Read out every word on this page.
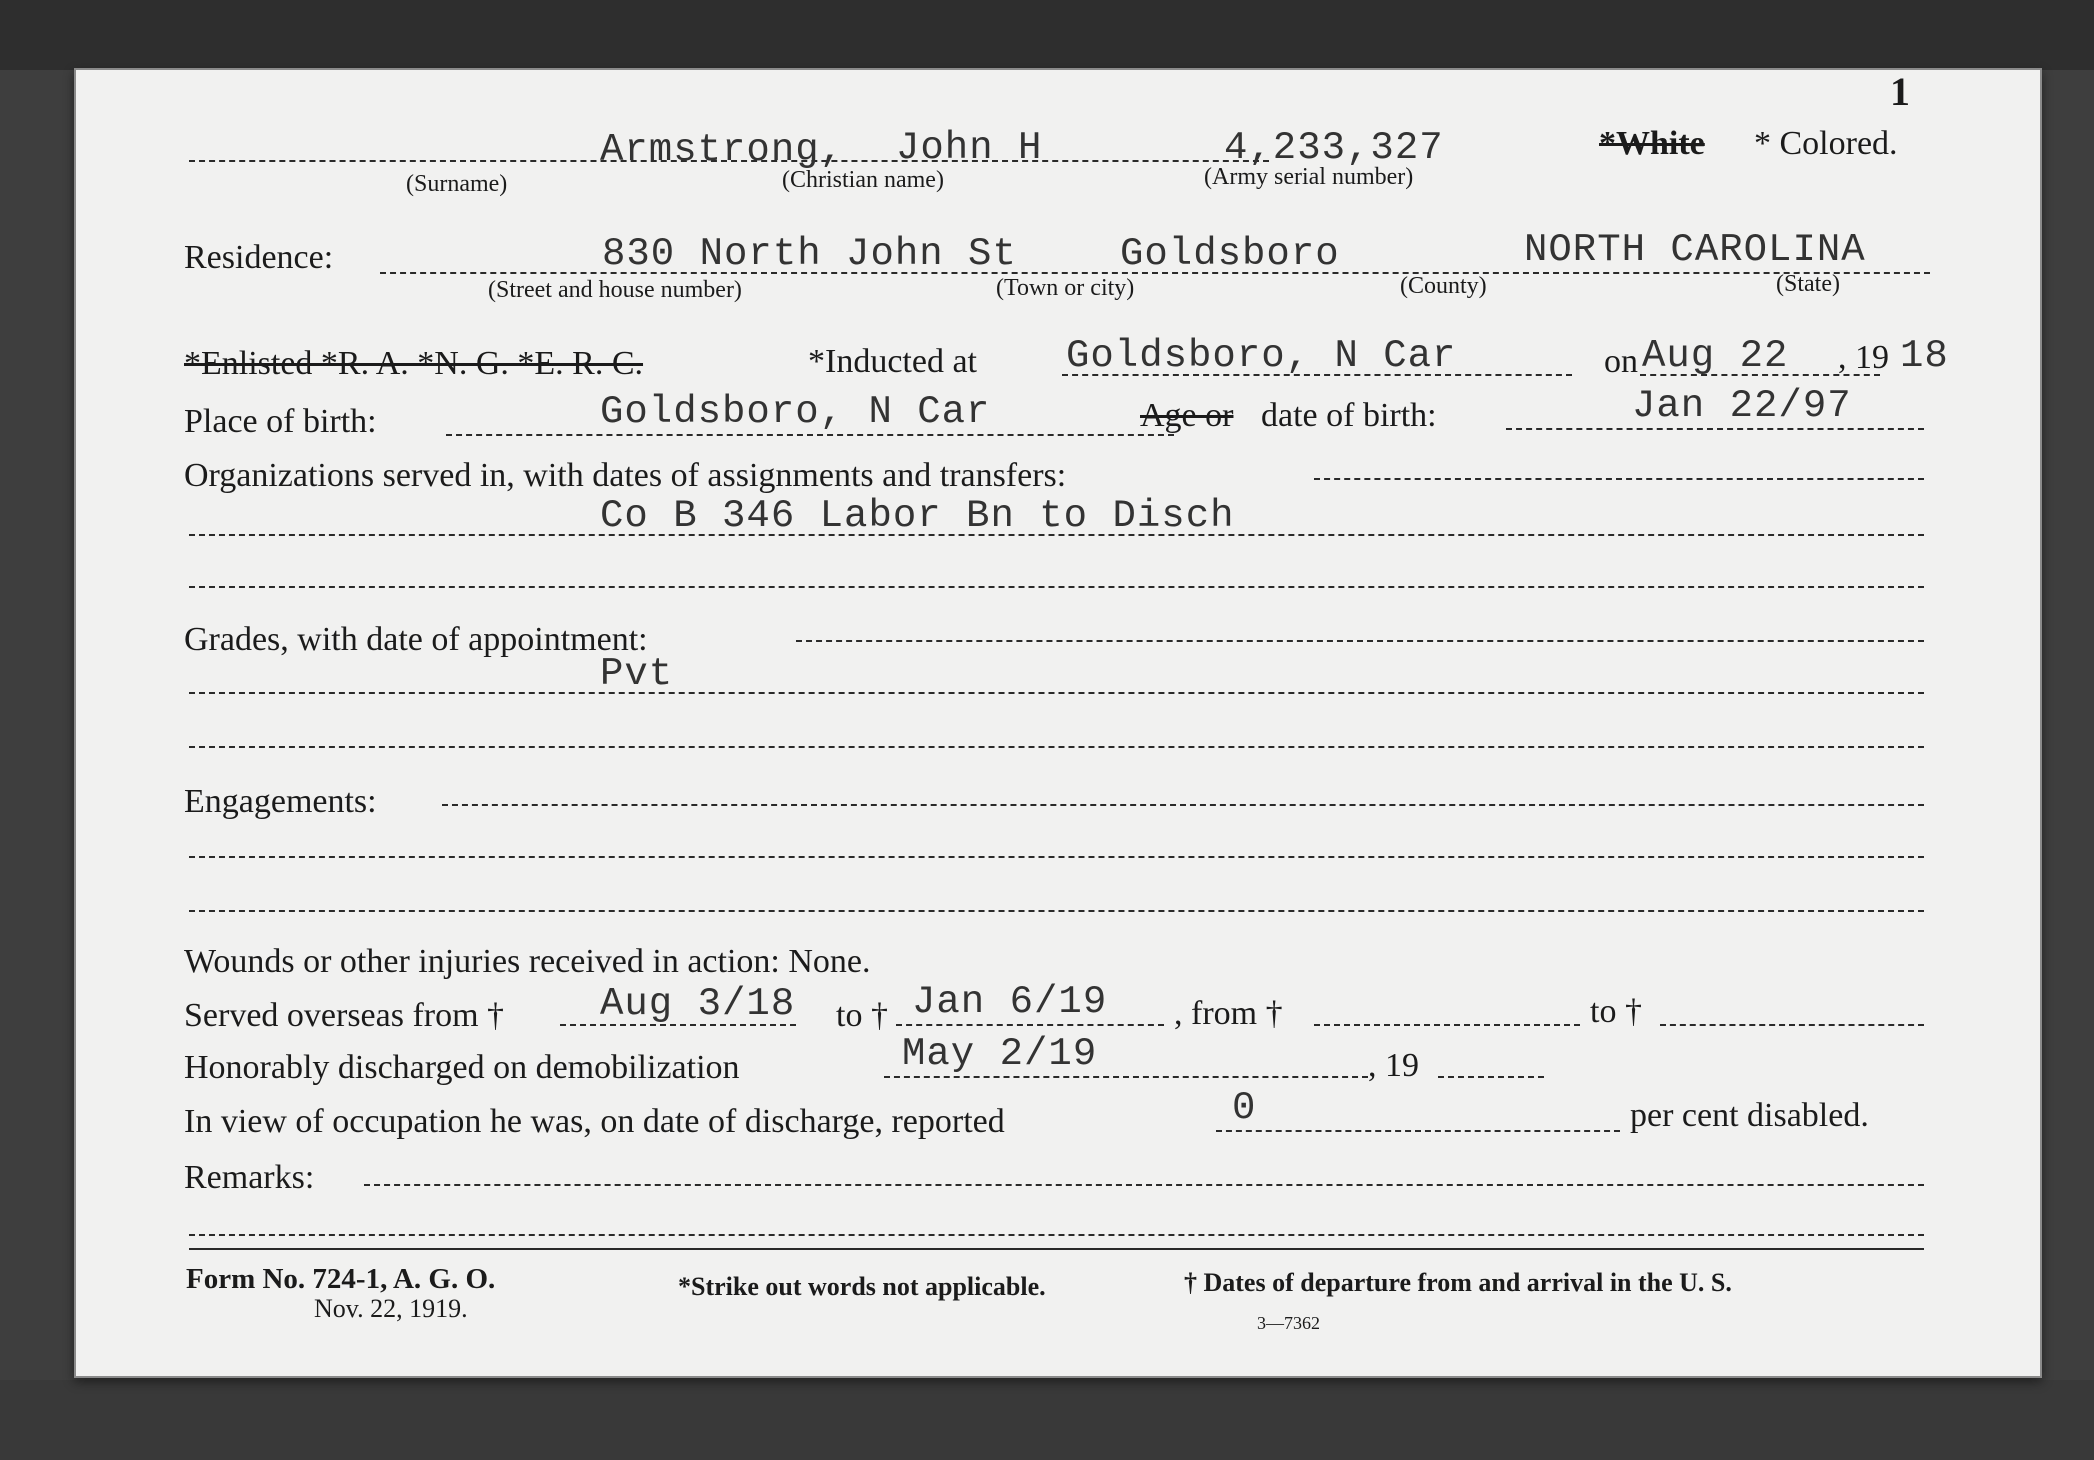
1
Armstrong, John H	4,233,327	*White * Colored.
(Surname)	(Christian name)	(Army serial number)
Residence:	830 North John St	Goldsboro	NORTH CAROLINA
(Street and house number)	(Town or city)	(County)	(State)
*Enlisted *R. A. *N. G. *E. R. C.	*Inducted at Goldsboro, N Car	on Aug 22 , 19 18
Place of birth:	Goldsboro, N Car	Age or date of birth:	Jan 22/97
Organizations served in, with dates of assignments and transfers:
Co B 346 Labor Bn to Disch
Grades, with date of appointment:
Pvt
Engagements:
Wounds or other injuries received in action: None.
Served overseas from † Aug 3/18 to † Jan 6/19 , from †	to †
Honorably discharged on demobilization	May 2/19	, 19
In view of occupation he was, on date of discharge, reported	0	per cent disabled.
Remarks:
Form No. 724-1, A. G. O.
Nov. 22, 1919.
*Strike out words not applicable.	† Dates of departure from and arrival in the U. S.
3—7362
